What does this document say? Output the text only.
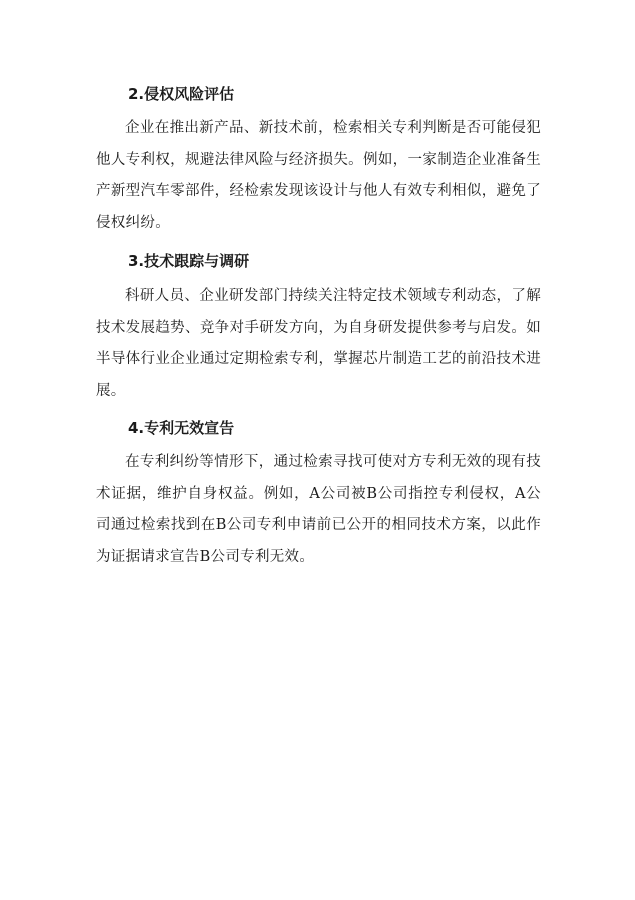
2.侵权风险评估

企业在推出新产品、新技术前，检索相关专利判断是否可能侵犯他人专利权，规避法律风险与经济损失。例如，一家制造企业准备生产新型汽车零部件，经检索发现该设计与他人有效专利相似，避免了侵权纠纷。

3.技术跟踪与调研

科研人员、企业研发部门持续关注特定技术领域专利动态，了解技术发展趋势、竞争对手研发方向，为自身研发提供参考与启发。如半导体行业企业通过定期检索专利，掌握芯片制造工艺的前沿技术进展。

4.专利无效宣告

在专利纠纷等情形下，通过检索寻找可使对方专利无效的现有技术证据，维护自身权益。例如，A公司被B公司指控专利侵权，A公司通过检索找到在B公司专利申请前已公开的相同技术方案，以此作为证据请求宣告B公司专利无效。
